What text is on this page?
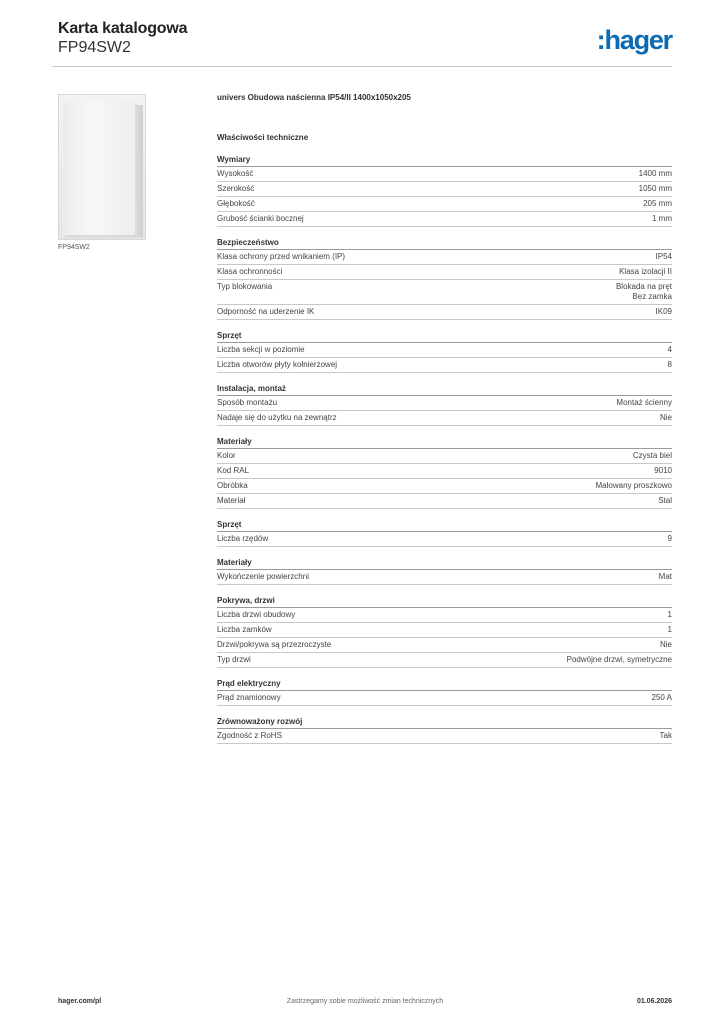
Karta katalogowa
FP94SW2	:hager
FP94SW2
univers Obudowa naścienna IP54/II 1400x1050x205
Właściwości techniczne
Wymiary
Wysokość	1400 mm
Szerokość	1050 mm
Głębokość	205 mm
Grubość ścianki bocznej	1 mm
Bezpieczeństwo
Klasa ochrony przed wnikaniem (IP)	IP54
Klasa ochronności	Klasa izolacji II
Typ blokowania	Blokada na pręt
Bez zamka
Odporność na uderzenie IK	IK09
Sprzęt
Liczba sekcji w poziomie	4
Liczba otworów płyty kołnierzowej	8
Instalacja, montaż
Sposób montażu	Montaż ścienny
Nadaje się do użytku na zewnątrz	Nie
Materiały
Kolor	Czysta biel
Kod RAL	9010
Obróbka	Malowany proszkowo
Materiał	Stal
Sprzęt
Liczba rzędów	9
Materiały
Wykończenie powierzchni	Mat
Pokrywa, drzwi
Liczba drzwi obudowy	1
Liczba zamków	1
Drzwi/pokrywa są przezroczyste	Nie
Typ drzwi	Podwójne drzwi, symetryczne
Prąd elektryczny
Prąd znamionowy	250 A
Zrównoważony rozwój
Zgodność z RoHS	Tak
hager.com/pl	Zastrzegamy sobie możliwość zmian technicznych	01.06.2026
